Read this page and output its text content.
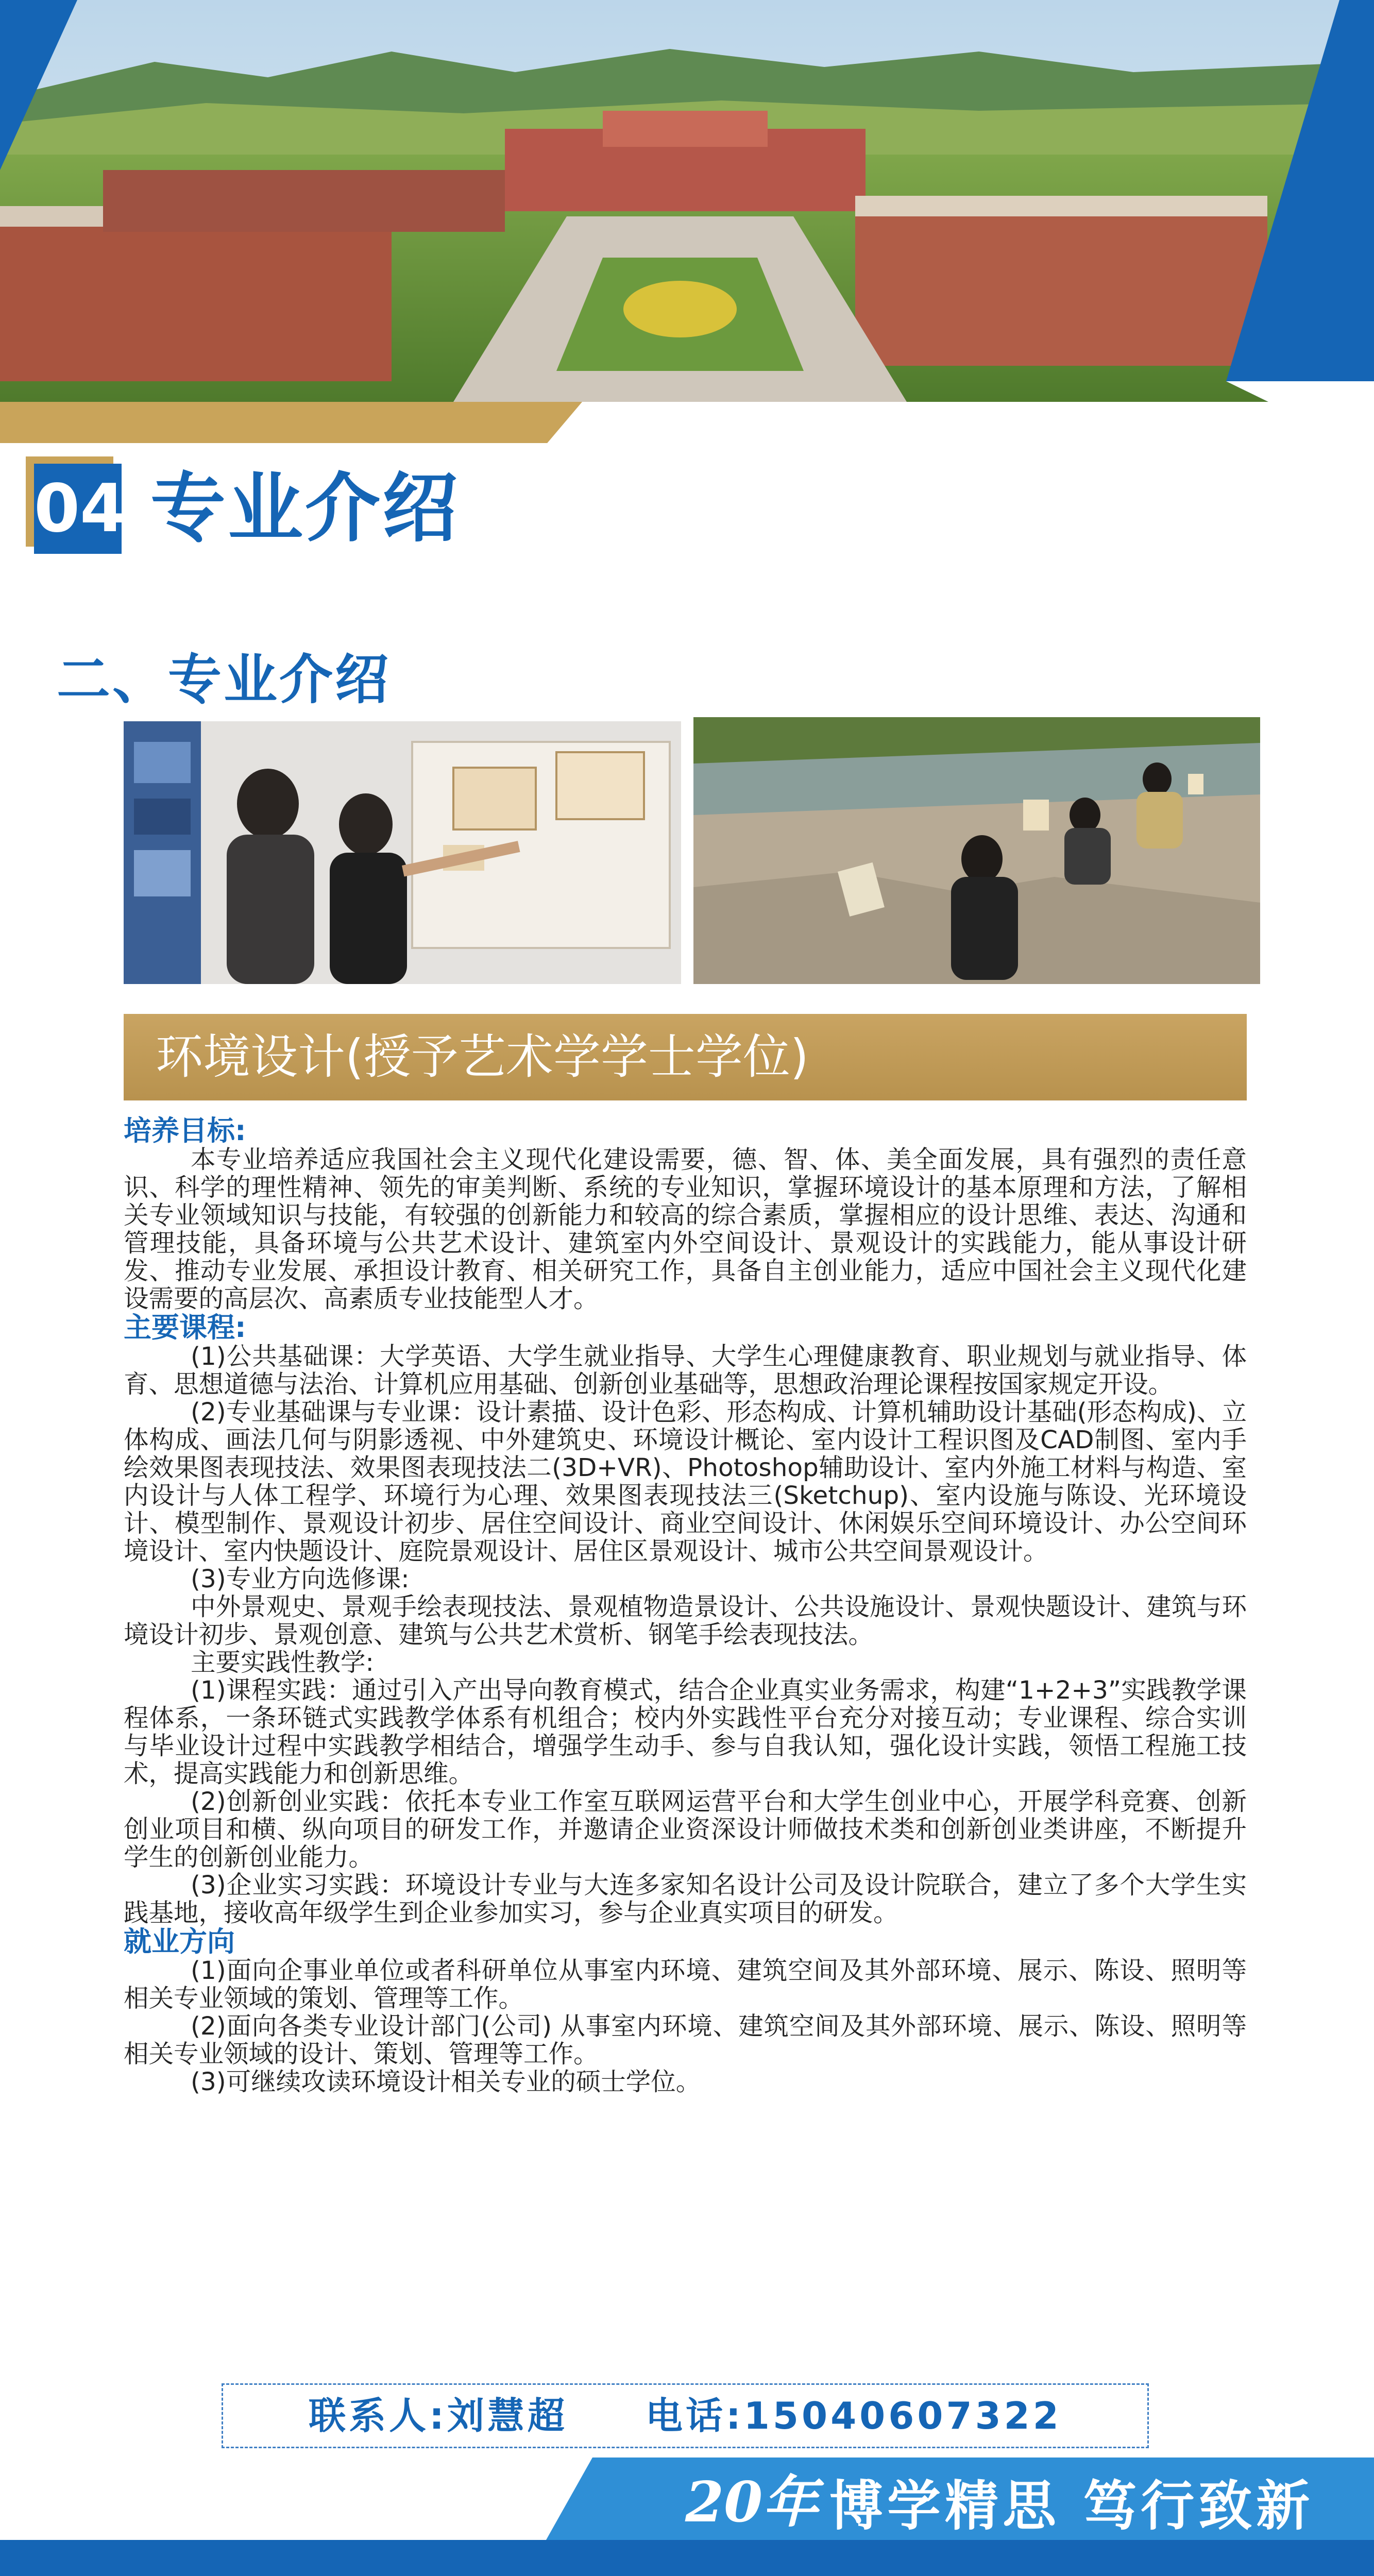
04 专业介绍
二、专业介绍
环境设计(授予艺术学学士学位)
培养目标:

本专业培养适应我国社会主义现代化建设需要，德、智、体、美全面发展，具有强烈的责任意识、科学的理性精神、领先的审美判断、系统的专业知识，掌握环境设计的基本原理和方法，了解相关专业领域知识与技能，有较强的创新能力和较高的综合素质，掌握相应的设计思维、表达、沟通和管理技能，具备环境与公共艺术设计、建筑室内外空间设计、景观设计的实践能力，能从事设计研发、推动专业发展、承担设计教育、相关研究工作，具备自主创业能力，适应中国社会主义现代化建设需要的高层次、高素质专业技能型人才。

主要课程:

(1)公共基础课：大学英语、大学生就业指导、大学生心理健康教育、职业规划与就业指导、体育、思想道德与法治、计算机应用基础、创新创业基础等，思想政治理论课程按国家规定开设。

(2)专业基础课与专业课：设计素描、设计色彩、形态构成、计算机辅助设计基础(形态构成)、立体构成、画法几何与阴影透视、中外建筑史、环境设计概论、室内设计工程识图及CAD制图、室内手绘效果图表现技法、效果图表现技法二(3D+VR)、Photoshop辅助设计、室内外施工材料与构造、室内设计与人体工程学、环境行为心理、效果图表现技法三(Sketchup)、室内设施与陈设、光环境设计、模型制作、景观设计初步、居住空间设计、商业空间设计、休闲娱乐空间环境设计、办公空间环境设计、室内快题设计、庭院景观设计、居住区景观设计、城市公共空间景观设计。

(3)专业方向选修课:

中外景观史、景观手绘表现技法、景观植物造景设计、公共设施设计、景观快题设计、建筑与环境设计初步、景观创意、建筑与公共艺术赏析、钢笔手绘表现技法。

主要实践性教学:

(1)课程实践：通过引入产出导向教育模式，结合企业真实业务需求，构建“1+2+3”实践教学课程体系，一条环链式实践教学体系有机组合；校内外实践性平台充分对接互动；专业课程、综合实训与毕业设计过程中实践教学相结合，增强学生动手、参与自我认知，强化设计实践，领悟工程施工技术，提高实践能力和创新思维。

(2)创新创业实践：依托本专业工作室互联网运营平台和大学生创业中心，开展学科竞赛、创新创业项目和横、纵向项目的研发工作，并邀请企业资深设计师做技术类和创新创业类讲座，不断提升学生的创新创业能力。

(3)企业实习实践：环境设计专业与大连多家知名设计公司及设计院联合，建立了多个大学生实践基地，接收高年级学生到企业参加实习，参与企业真实项目的研发。

就业方向

(1)面向企事业单位或者科研单位从事室内环境、建筑空间及其外部环境、展示、陈设、照明等相关专业领域的策划、管理等工作。

(2)面向各类专业设计部门(公司) 从事室内环境、建筑空间及其外部环境、展示、陈设、照明等相关专业领域的设计、策划、管理等工作。

(3)可继续攻读环境设计相关专业的硕士学位。

联系人:刘慧超 电话:15040607322
20年 博学精思 笃行致新
